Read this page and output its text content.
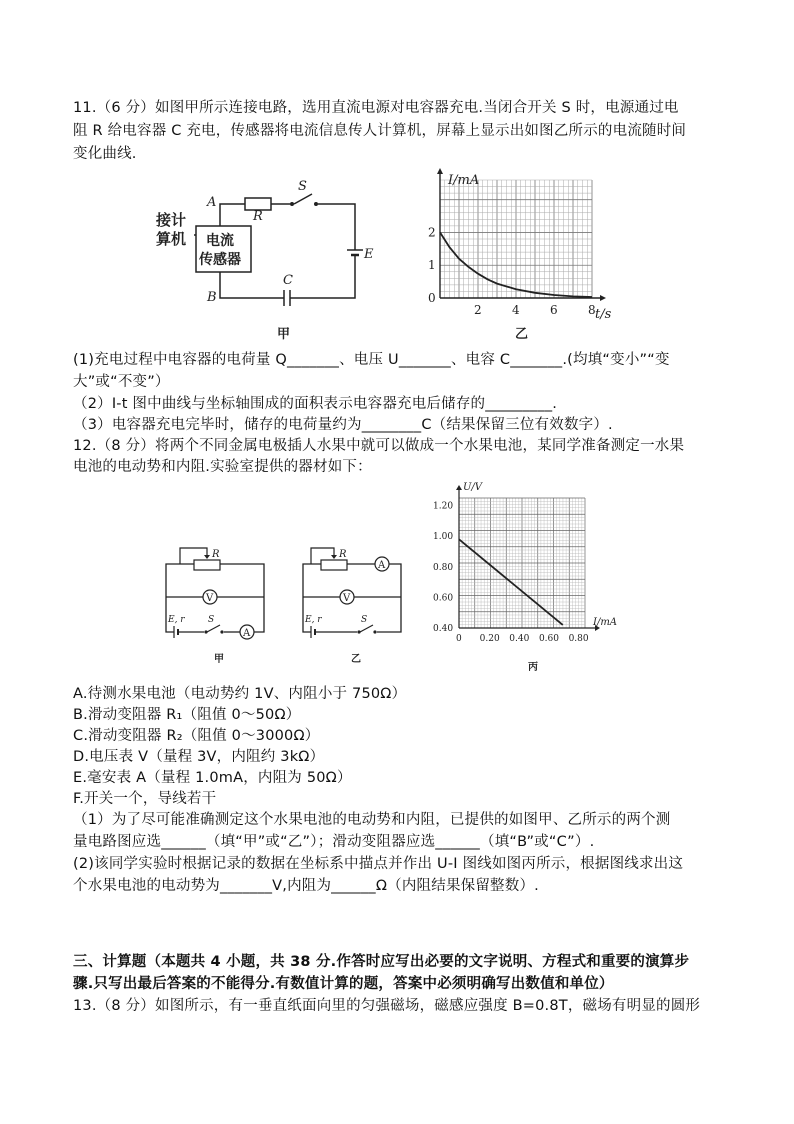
11.（6 分）如图甲所示连接电路，选用直流电源对电容器充电.当闭合开关 S 时，电源通过电
阻 R 给电容器 C 充电，传感器将电流信息传人计算机，屏幕上显示出如图乙所示的电流随时间
变化曲线.
接计
算机 电流
传感器
A
B
R
S
C
E
甲
I/mA
t/s
0
1
2
2	4	6	8
乙
(1)充电过程中电容器的电荷量 Q_______、电压 U_______、电容 C_______.(均填“变小”“变
大”或“不变”）
（2）I-t 图中曲线与坐标轴围成的面积表示电容器充电后储存的_________.
（3）电容器充电完毕时，储存的电荷量约为________C（结果保留三位有效数字）.
12.（8 分）将两个不同金属电极插人水果中就可以做成一个水果电池，某同学准备测定一水果
电池的电动势和内阻.实验室提供的器材如下：
R
V
A
E, r	S
甲
R
A
V
E, r	S
乙
U/V
I/mA
0.40
0.60
0.80
1.00
1.20
0 0.20 0.40 0.60 0.80
丙
A.待测水果电池（电动势约 1V、内阻小于 750Ω）
B.滑动变阻器 R₁（阻值 0～50Ω）
C.滑动变阻器 R₂（阻值 0～3000Ω）
D.电压表 V（量程 3V，内阻约 3kΩ）
E.毫安表 A（量程 1.0mA，内阻为 50Ω）
F.开关一个，导线若干
（1）为了尽可能准确测定这个水果电池的电动势和内阻，已提供的如图甲、乙所示的两个测
量电路图应选______（填“甲”或“乙”）；滑动变阻器应选______（填“B”或“C”）.
(2)该同学实验时根据记录的数据在坐标系中描点并作出 U-I 图线如图丙所示，根据图线求出这
个水果电池的电动势为_______V,内阻为______Ω（内阻结果保留整数）.
三、计算题（本题共 4 小题，共 38 分.作答时应写出必要的文字说明、方程式和重要的演算步
骤.只写出最后答案的不能得分.有数值计算的题，答案中必须明确写出数值和单位）
13.（8 分）如图所示，有一垂直纸面向里的匀强磁场，磁感应强度 B=0.8T，磁场有明显的圆形
